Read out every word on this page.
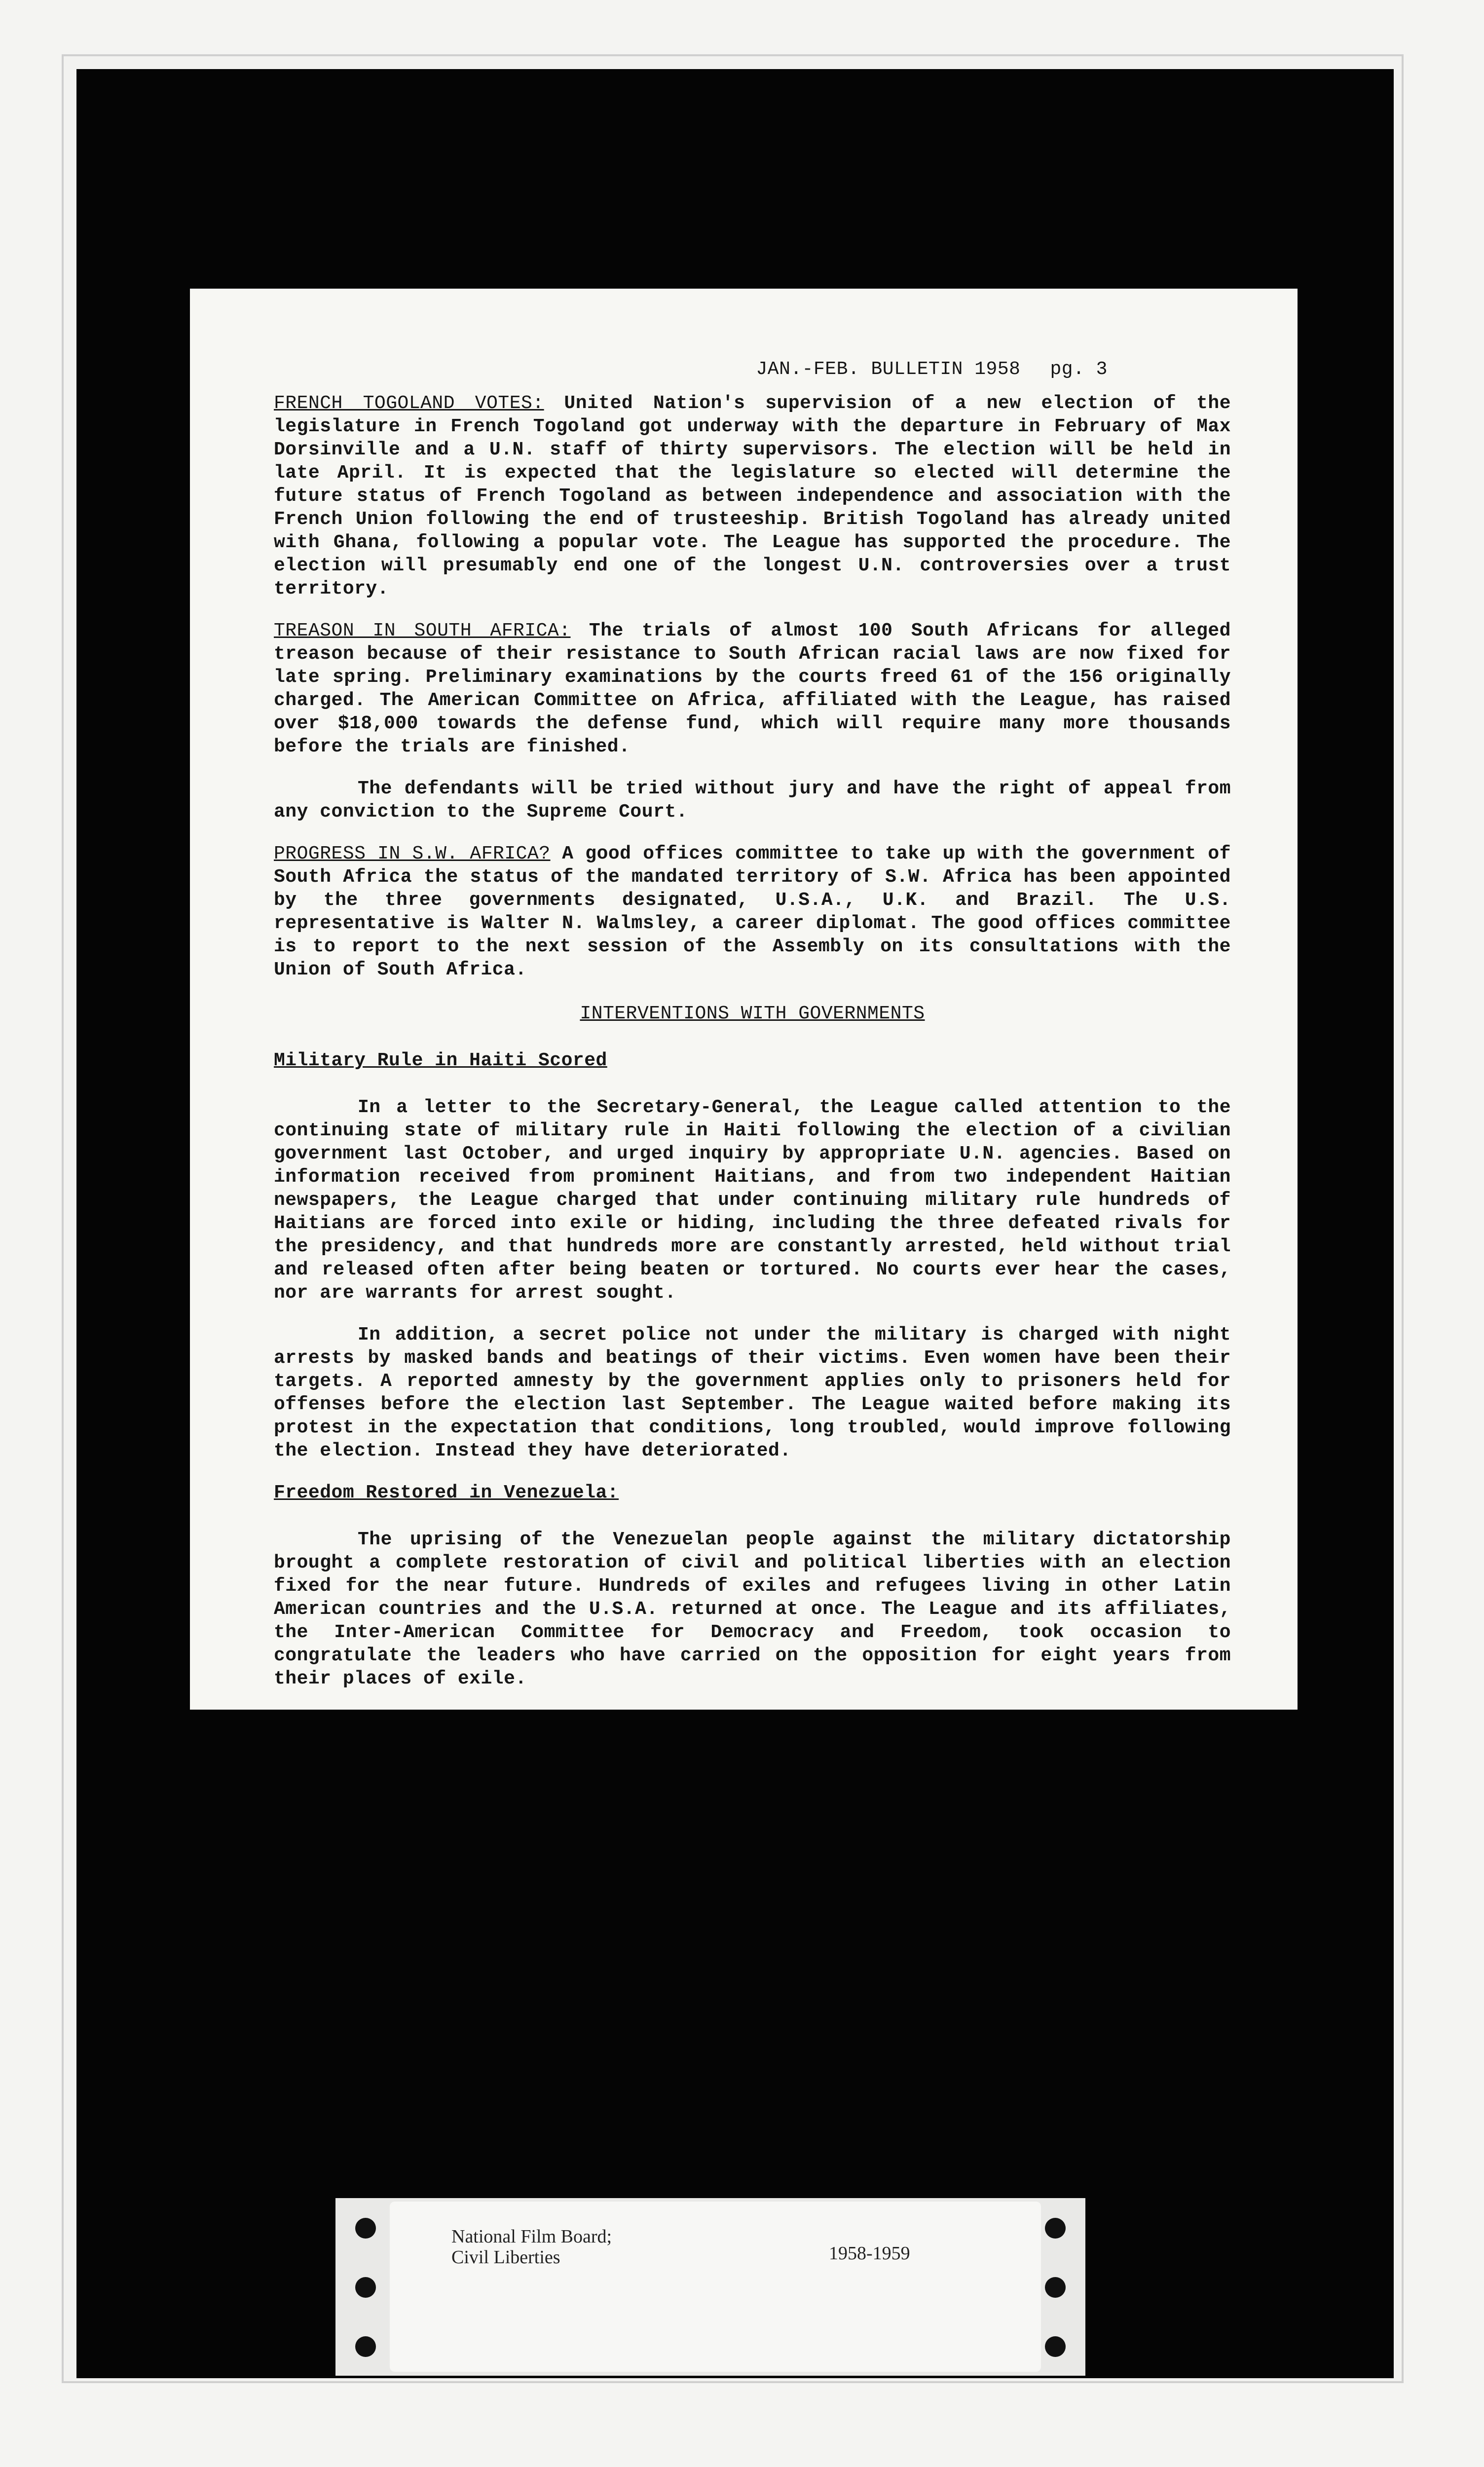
JAN.-FEB. BULLETIN 1958 pg. 3

FRENCH TOGOLAND VOTES: United Nation's supervision of a new election of the legislature in French Togoland got underway with the departure in February of Max Dorsinville and a U.N. staff of thirty supervisors. The election will be held in late April. It is expected that the legislature so elected will determine the future status of French Togoland as between independence and association with the French Union following the end of trusteeship. British Togoland has already united with Ghana, following a popular vote. The League has supported the procedure. The election will presumably end one of the longest U.N. controversies over a trust territory.

TREASON IN SOUTH AFRICA: The trials of almost 100 South Africans for alleged treason because of their resistance to South African racial laws are now fixed for late spring. Preliminary examinations by the courts freed 61 of the 156 originally charged. The American Committee on Africa, affiliated with the League, has raised over $18,000 towards the defense fund, which will require many more thousands before the trials are finished.

The defendants will be tried without jury and have the right of appeal from any conviction to the Supreme Court.

PROGRESS IN S.W. AFRICA? A good offices committee to take up with the government of South Africa the status of the mandated territory of S.W. Africa has been appointed by the three governments designated, U.S.A., U.K. and Brazil. The U.S. representative is Walter N. Walmsley, a career diplomat. The good offices committee is to report to the next session of the Assembly on its consultations with the Union of South Africa.

INTERVENTIONS WITH GOVERNMENTS
Military Rule in Haiti Scored

In a letter to the Secretary-General, the League called attention to the continuing state of military rule in Haiti following the election of a civilian government last October, and urged inquiry by appropriate U.N. agencies. Based on information received from prominent Haitians, and from two independent Haitian newspapers, the League charged that under continuing military rule hundreds of Haitians are forced into exile or hiding, including the three defeated rivals for the presidency, and that hundreds more are constantly arrested, held without trial and released often after being beaten or tortured. No courts ever hear the cases, nor are warrants for arrest sought.

In addition, a secret police not under the military is charged with night arrests by masked bands and beatings of their victims. Even women have been their targets. A reported amnesty by the government applies only to prisoners held for offenses before the election last September. The League waited before making its protest in the expectation that conditions, long troubled, would improve following the election. Instead they have deteriorated.

Freedom Restored in Venezuela:

The uprising of the Venezuelan people against the military dictatorship brought a complete restoration of civil and political liberties with an election fixed for the near future. Hundreds of exiles and refugees living in other Latin American countries and the U.S.A. returned at once. The League and its affiliates, the Inter-American Committee for Democracy and Freedom, took occasion to congratulate the leaders who have carried on the opposition for eight years from their places of exile.

National Film Board;
Civil Liberties	1958-1959
